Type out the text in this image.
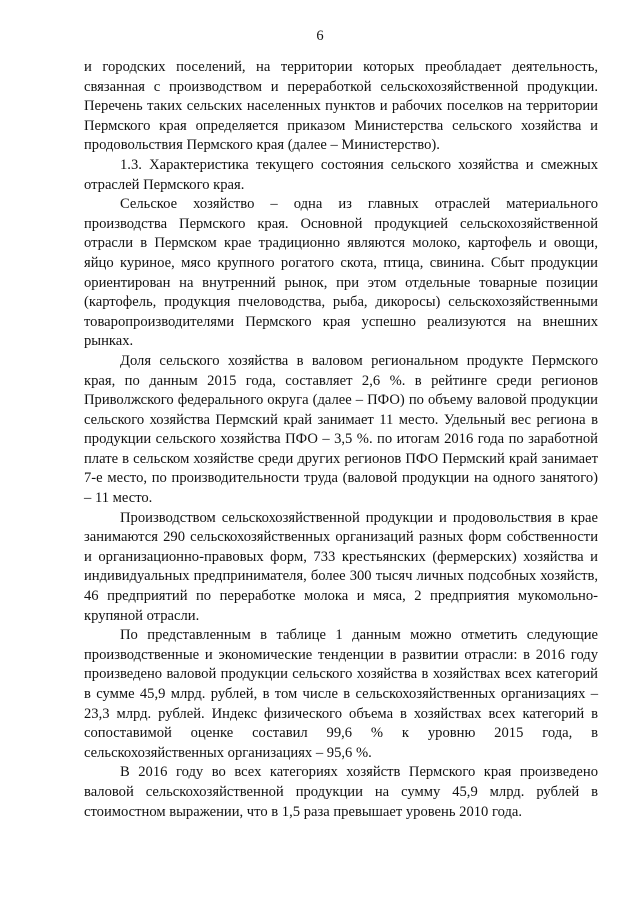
6

и городских поселений, на территории которых преобладает деятельность, связанная с производством и переработкой сельскохозяйственной продукции. Перечень таких сельских населенных пунктов и рабочих поселков на территории Пермского края определяется приказом Министерства сельского хозяйства и продовольствия Пермского края (далее – Министерство).

1.3. Характеристика текущего состояния сельского хозяйства и смежных отраслей Пермского края.

Сельское хозяйство – одна из главных отраслей материального производства Пермского края. Основной продукцией сельскохозяйственной отрасли в Пермском крае традиционно являются молоко, картофель и овощи, яйцо куриное, мясо крупного рогатого скота, птица, свинина. Сбыт продукции ориентирован на внутренний рынок, при этом отдельные товарные позиции (картофель, продукция пчеловодства, рыба, дикоросы) сельскохозяйственными товаропроизводителями Пермского края успешно реализуются на внешних рынках.

Доля сельского хозяйства в валовом региональном продукте Пермского края, по данным 2015 года, составляет 2,6 %. в рейтинге среди регионов Приволжского федерального округа (далее – ПФО) по объему валовой продукции сельского хозяйства Пермский край занимает 11 место. Удельный вес региона в продукции сельского хозяйства ПФО – 3,5 %. по итогам 2016 года по заработной плате в сельском хозяйстве среди других регионов ПФО Пермский край занимает 7-е место, по производительности труда (валовой продукции на одного занятого) – 11 место.

Производством сельскохозяйственной продукции и продовольствия в крае занимаются 290 сельскохозяйственных организаций разных форм собственности и организационно-правовых форм, 733 крестьянских (фермерских) хозяйства и индивидуальных предпринимателя, более 300 тысяч личных подсобных хозяйств, 46 предприятий по переработке молока и мяса, 2 предприятия мукомольно-крупяной отрасли.

По представленным в таблице 1 данным можно отметить следующие производственные и экономические тенденции в развитии отрасли: в 2016 году произведено валовой продукции сельского хозяйства в хозяйствах всех категорий в сумме 45,9 млрд. рублей, в том числе в сельскохозяйственных организациях – 23,3 млрд. рублей. Индекс физического объема в хозяйствах всех категорий в сопоставимой оценке составил 99,6 % к уровню 2015 года, в сельскохозяйственных организациях – 95,6 %.

В 2016 году во всех категориях хозяйств Пермского края произведено валовой сельскохозяйственной продукции на сумму 45,9 млрд. рублей в стоимостном выражении, что в 1,5 раза превышает уровень 2010 года.
